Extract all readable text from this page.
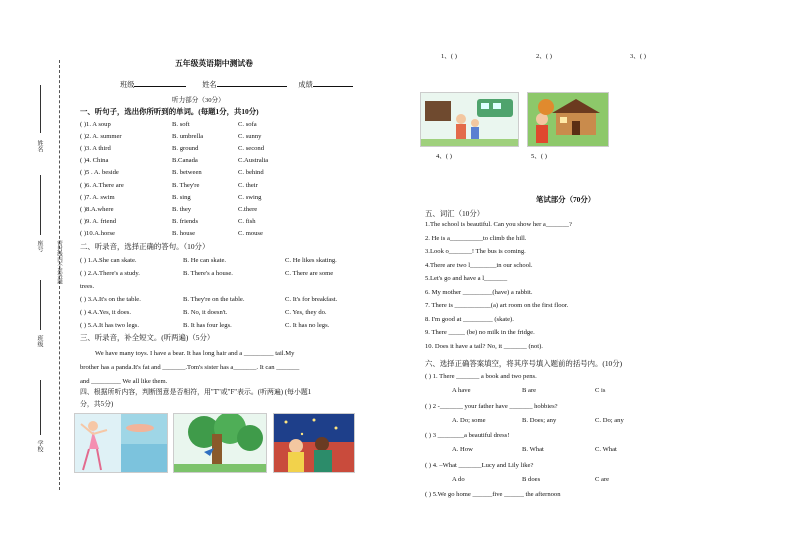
姓名
座号	密封线内不准答题
班级
学校
五年级英语期中测试卷
班级	姓名	成绩
听力部分（30分）
一、听句子，选出你所听到的单词。(每题1分，共10分)
( )1. A soup	B. soft	C. sofa
( )2. A. summer	B. umbrella	C. sunny
( )3. A third	B. ground	C. second
( )4. China	B.Canada	C.Australia
( )5 . A. beside	B. between	C. behind
( )6. A.There are	B. They're	C. their
( )7. A. swim	B. sing	C. swing
( )8.A.where	B. they	C.there
( )9. A. friend	B. friends	C. fish
( )10.A.horse	B. house	C. mouse
二、听录音，选择正确的答句。（10分）
( ) 1.A.She can skate.	B. He can skate.	C. He likes skating.
( ) 2.A.There's a study.	B. There's a house.	C. There are some
trees.
( ) 3.A.It's on the table.	B. They're on the table.	C. It's for breakfast.
( ) 4.A.Yes, it does.	B. No, it doesn't.	C. Yes, they do.
( ) 5.A.It has two legs.	B. It has four legs.	C. It has no legs.
三、听录音，补全短文。(听两遍)（5分）
We have many toys. I have a bear. It has long hair and a _________ tail.My
brother has a panda.It's fat and _______.Tom's sister has a_______. It can _______
and _________ We all like them.
四、根据所听内容，判断图意是否相符，用"T"或"F"表示。(听两遍) (每小题1
分，共5分)
1、( )	2、( )	3、( )
4、( )	5、( )
笔试部分（70分）
五、词汇（10分）
1.The school is beautiful. Can you show her a_______?
2. He is a__________to climb the hill.
3.Look o_______! The bus is coming.
4.There are two l________in our school.
5.Let's go and have a l_______
6. My mother _________(have) a rabbit.
7. There is ___________(a) art room on the first floor.
8. I'm good at _________ (skate).
9. There _____ (be) no milk in the fridge.
10. Does it have a tail? No, it _______ (not).
六、选择正确答案填空，将其序号填入题前的括号内。(10分)
( ) 1. There _______ a book and two pens.
A have	B are	C is
( ) 2 -_______ your father have _______ hobbies?
A. Do; some	B. Does; any	C. Do; any
( ) 3 ________a beautiful dress!
A. How	B. What	C. What
( ) 4. –What _______Lucy and Lily like?
A do	B does	C are
( ) 5.We go home ______five ______ the afternoon
